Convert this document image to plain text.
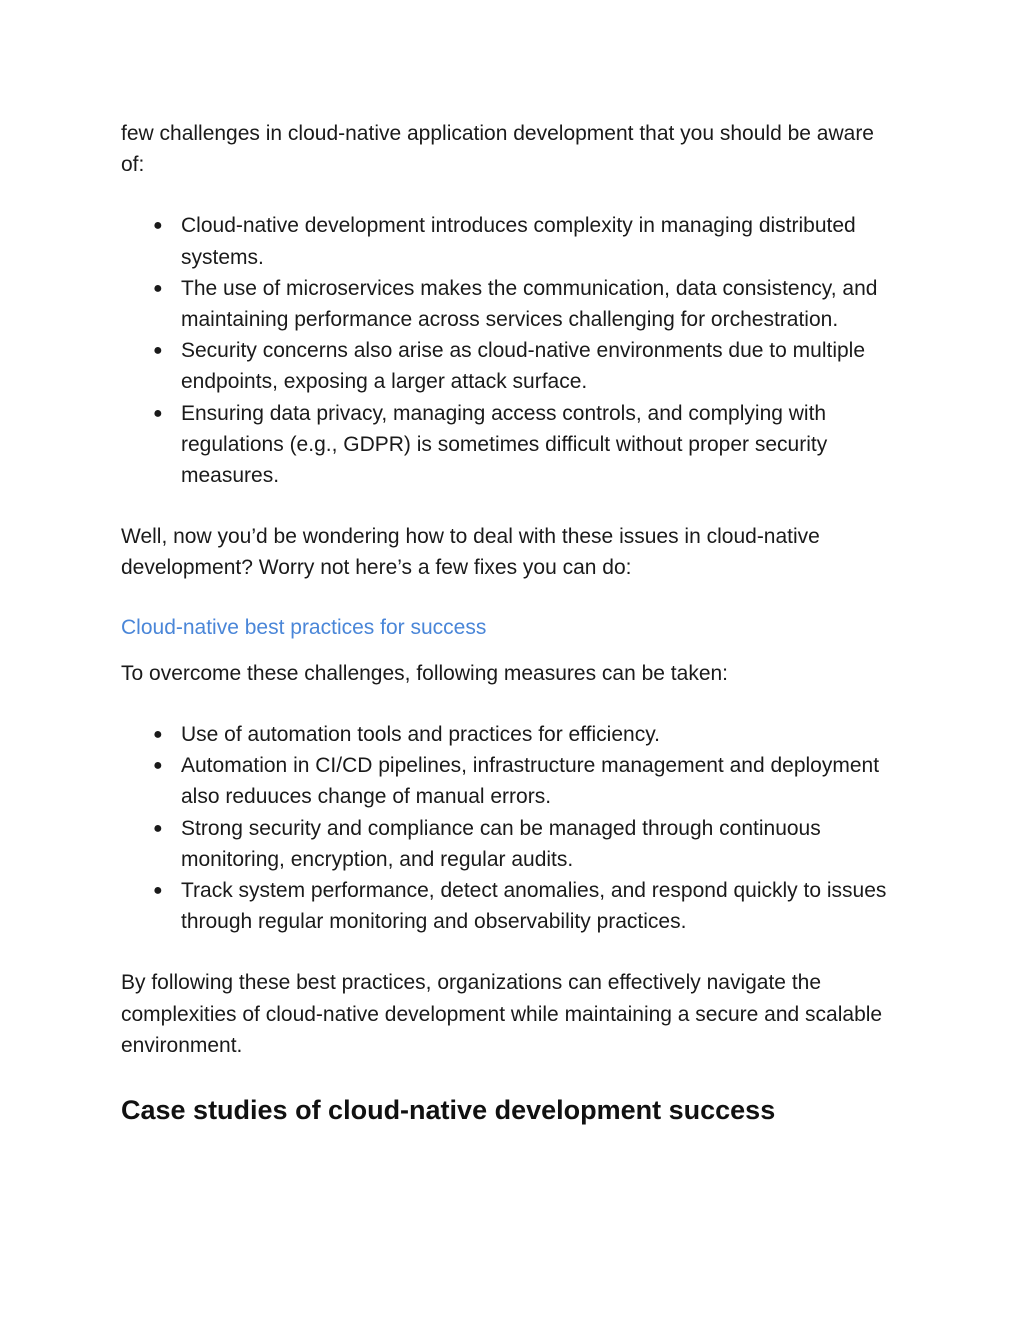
few challenges in cloud-native application development that you should be aware of:

● Cloud-native development introduces complexity in managing distributed systems.
● The use of microservices makes the communication, data consistency, and maintaining performance across services challenging for orchestration.
● Security concerns also arise as cloud-native environments due to multiple endpoints, exposing a larger attack surface.
● Ensuring data privacy, managing access controls, and complying with regulations (e.g., GDPR) is sometimes difficult without proper security measures.

Well, now you’d be wondering how to deal with these issues in cloud-native development? Worry not here’s a few fixes you can do:

Cloud-native best practices for success

To overcome these challenges, following measures can be taken:

● Use of automation tools and practices for efficiency.
● Automation in CI/CD pipelines, infrastructure management and deployment also reduuces change of manual errors.
● Strong security and compliance can be managed through continuous monitoring, encryption, and regular audits.
● Track system performance, detect anomalies, and respond quickly to issues through regular monitoring and observability practices.

By following these best practices, organizations can effectively navigate the complexities of cloud-native development while maintaining a secure and scalable environment.

Case studies of cloud-native development success
